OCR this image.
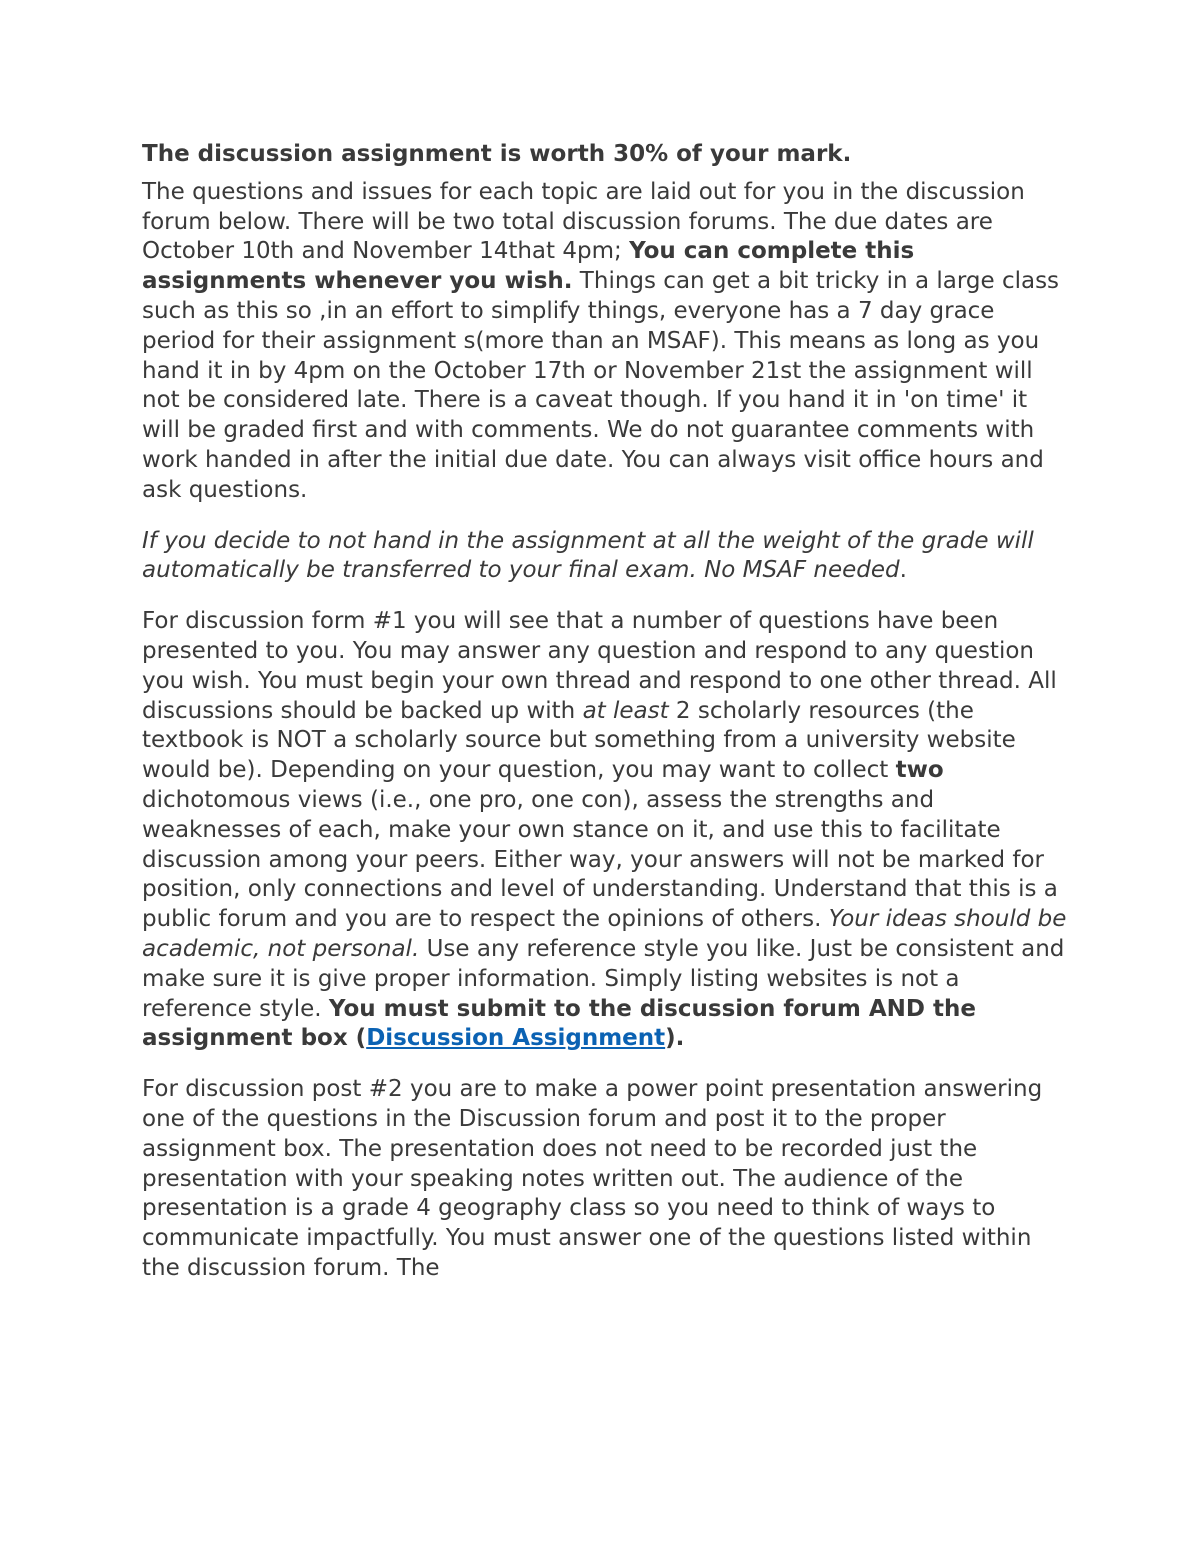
The discussion assignment is worth 30% of your mark.

The questions and issues for each topic are laid out for you in the discussion forum below. There will be two total discussion forums. The due dates are October 10th and November 14that 4pm; You can complete this assignments whenever you wish. Things can get a bit tricky in a large class such as this so ,in an effort to simplify things, everyone has a 7 day grace period for their assignment s(more than an MSAF). This means as long as you hand it in by 4pm on the October 17th or November 21st the assignment will not be considered late. There is a caveat though. If you hand it in 'on time' it will be graded first and with comments. We do not guarantee comments with work handed in after the initial due date. You can always visit office hours and ask questions.

If you decide to not hand in the assignment at all the weight of the grade will automatically be transferred to your final exam. No MSAF needed.

For discussion form #1 you will see that a number of questions have been presented to you. You may answer any question and respond to any question you wish. You must begin your own thread and respond to one other thread. All discussions should be backed up with at least 2 scholarly resources (the textbook is NOT a scholarly source but something from a university website would be). Depending on your question, you may want to collect two dichotomous views (i.e., one pro, one con), assess the strengths and weaknesses of each, make your own stance on it, and use this to facilitate discussion among your peers. Either way, your answers will not be marked for position, only connections and level of understanding. Understand that this is a public forum and you are to respect the opinions of others. Your ideas should be academic, not personal. Use any reference style you like. Just be consistent and make sure it is give proper information. Simply listing websites is not a reference style. You must submit to the discussion forum AND the assignment box (Discussion Assignment).

For discussion post #2 you are to make a power point presentation answering one of the questions in the Discussion forum and post it to the proper assignment box. The presentation does not need to be recorded just the presentation with your speaking notes written out. The audience of the presentation is a grade 4 geography class so you need to think of ways to communicate impactfully. You must answer one of the questions listed within the discussion forum. The
